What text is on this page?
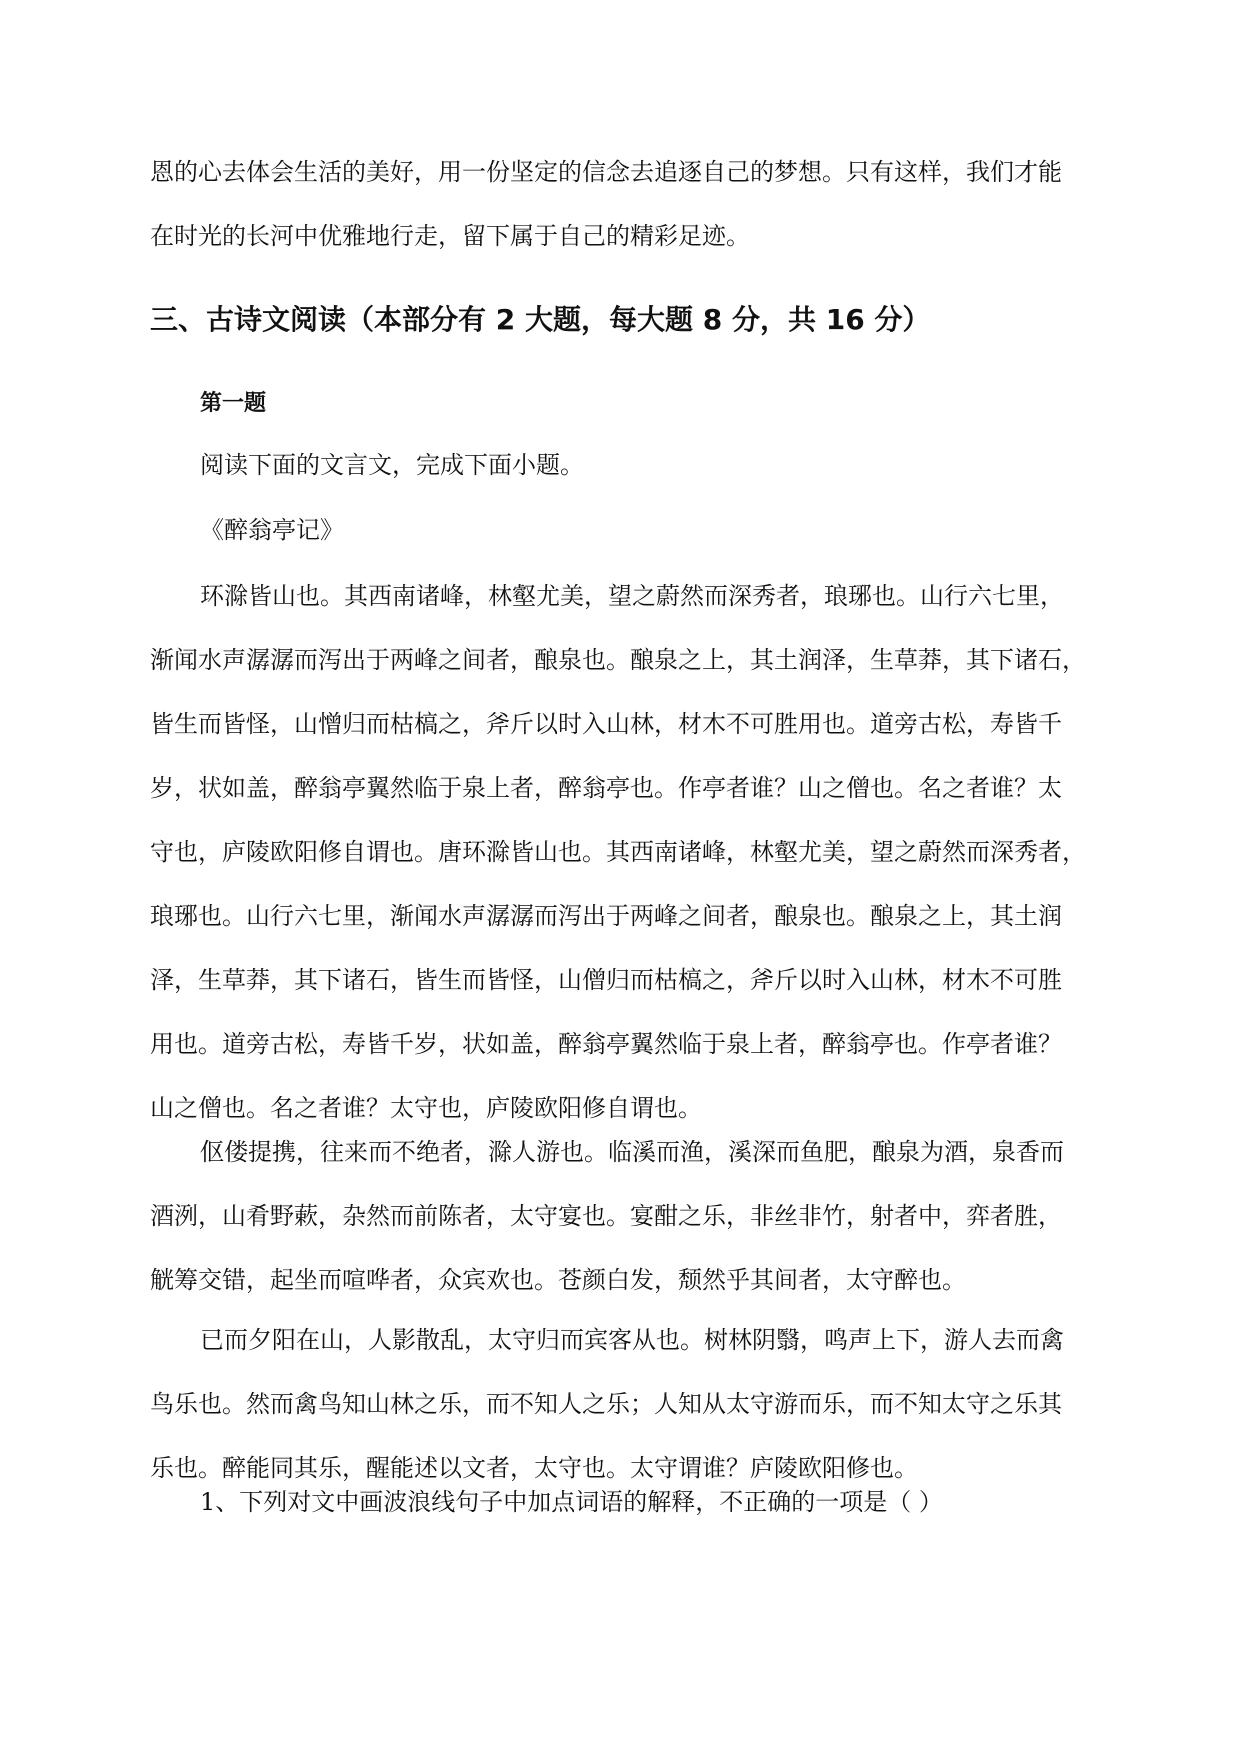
恩的心去体会生活的美好，用一份坚定的信念去追逐自己的梦想。只有这样，我们才能

在时光的长河中优雅地行走，留下属于自己的精彩足迹。

三、古诗文阅读（本部分有 2 大题，每大题 8 分，共 16 分）
第一题

阅读下面的文言文，完成下面小题。

《醉翁亭记》

环滁皆山也。其西南诸峰，林壑尤美，望之蔚然而深秀者，琅琊也。山行六七里，

渐闻水声潺潺而泻出于两峰之间者，酿泉也。酿泉之上，其土润泽，生草莽，其下诸石，

皆生而皆怪，山憎归而枯槁之，斧斤以时入山林，材木不可胜用也。道旁古松，寿皆千

岁，状如盖，醉翁亭翼然临于泉上者，醉翁亭也。作亭者谁？山之僧也。名之者谁？太

守也，庐陵欧阳修自谓也。唐环滁皆山也。其西南诸峰，林壑尤美，望之蔚然而深秀者，

琅琊也。山行六七里，渐闻水声潺潺而泻出于两峰之间者，酿泉也。酿泉之上，其土润

泽，生草莽，其下诸石，皆生而皆怪，山僧归而枯槁之，斧斤以时入山林，材木不可胜

用也。道旁古松，寿皆千岁，状如盖，醉翁亭翼然临于泉上者，醉翁亭也。作亭者谁？

山之僧也。名之者谁？太守也，庐陵欧阳修自谓也。

伛偻提携，往来而不绝者，滁人游也。临溪而渔，溪深而鱼肥，酿泉为酒，泉香而

酒洌，山肴野蔌，杂然而前陈者，太守宴也。宴酣之乐，非丝非竹，射者中，弈者胜，

觥筹交错，起坐而喧哗者，众宾欢也。苍颜白发，颓然乎其间者，太守醉也。

已而夕阳在山，人影散乱，太守归而宾客从也。树林阴翳，鸣声上下，游人去而禽

鸟乐也。然而禽鸟知山林之乐，而不知人之乐；人知从太守游而乐，而不知太守之乐其

乐也。醉能同其乐，醒能述以文者，太守也。太守谓谁？庐陵欧阳修也。

1、下列对文中画波浪线句子中加点词语的解释，不正确的一项是（ ）
